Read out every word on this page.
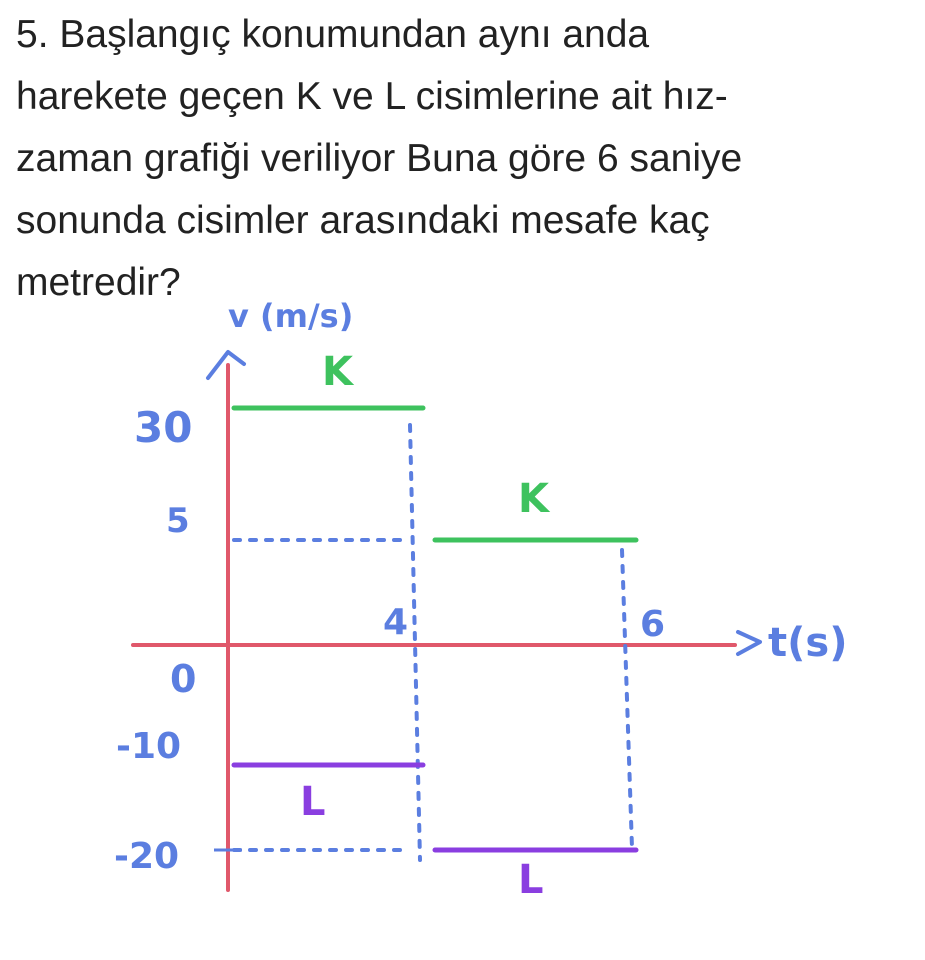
5. Başlangıç konumundan aynı anda

harekete geçen K ve L cisimlerine ait hız-

zaman grafiği veriliyor Buna göre 6 saniye

sonunda cisimler arasındaki mesafe kaç

metredir?

v (m/s)
t(s)
30
5
0
-10
-20
4	6
K
K
L
L
